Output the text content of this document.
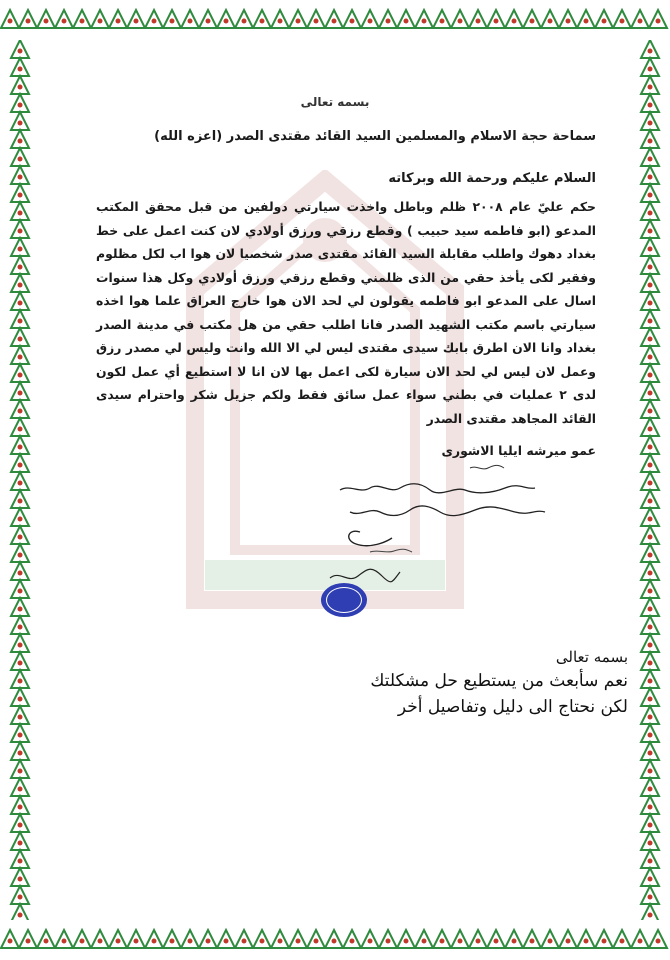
بسمه تعالى
سماحة حجة الاسلام والمسلمين السيد القائد مقتدى الصدر (اعزه الله)
السلام عليكم ورحمة الله وبركاته
حكم عليّ عام ٢٠٠٨ ظلم وباطل واخذت سيارتي دولفين من قبل محقق المكتب المدعو (ابو فاطمه سيد حبيب ) وقطع رزقي ورزق أولادي لان كنت اعمل على خط بغداد دهوك واطلب مقابلة السيد القائد مقتدى صدر شخصيا لان هوا اب لكل مظلوم وفقير لكى يأخذ حقي من الذى ظلمني وقطع رزقي ورزق أولادي وكل هذا سنوات اسال على المدعو ابو فاطمه يقولون لي لحد الان هوا خارج العراق علما هوا اخذه سيارتي باسم مكتب الشهيد الصدر فانا اطلب حقي من هل مكتب في مدينة الصدر بغداد وانا الان اطرق بابك سيدى مقتدى ليس لي الا الله وانت وليس لي مصدر رزق وعمل لان ليس لي لحد الان سيارة لكى اعمل بها لان انا لا استطيع أي عمل لكون لدى ٢ عمليات في بطني سواء عمل سائق فقط ولكم جزيل شكر واحترام سيدى القائد المجاهد مقتدى الصدر
عمو ميرشه ايليا الاشورى
بسمه تعالى
نعم سأبعث من يستطيع حل مشكلتك
لكن نحتاج الى دليل وتفاصيل أخر
